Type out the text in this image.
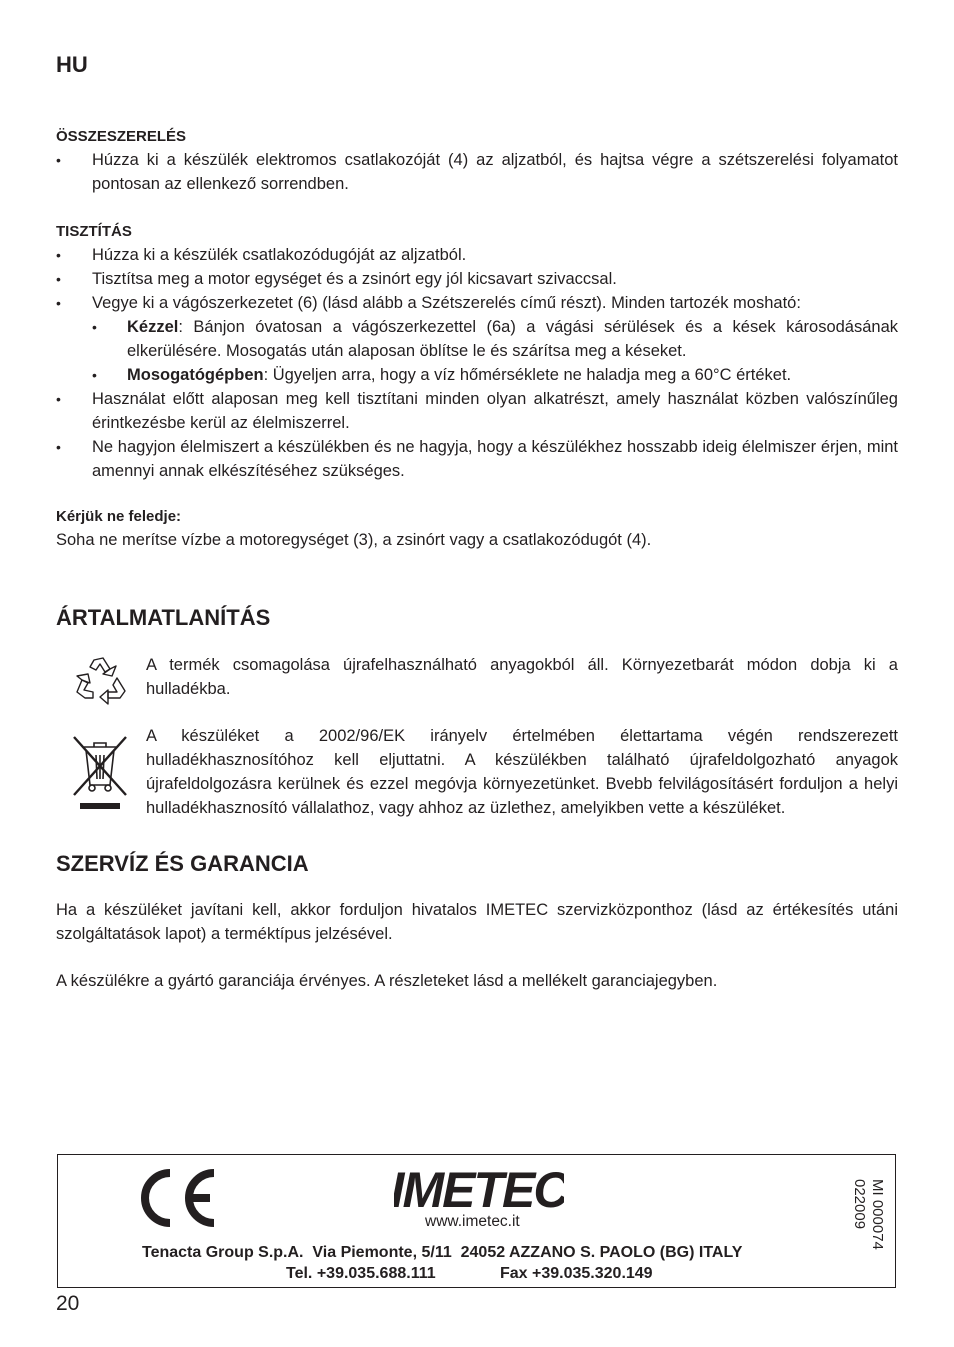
HU
ÖSSZESZERELÉS
• Húzza ki a készülék elektromos csatlakozóját (4) az aljzatból, és hajtsa végre a szétszerelési folyamatot pontosan az ellenkező sorrendben.
TISZTÍTÁS
• Húzza ki a készülék csatlakozódugóját az aljzatból.
• Tisztítsa meg a motor egységet és a zsinórt egy jól kicsavart szivaccsal.
• Vegye ki a vágószerkezetet (6) (lásd alább a Szétszerelés című részt). Minden tartozék mosható:
• Kézzel: Bánjon óvatosan a vágószerkezettel (6a) a vágási sérülések és a kések károsodásának elkerülésére. Mosogatás után alaposan öblítse le és szárítsa meg a késeket.
• Mosogatógépben: Ügyeljen arra, hogy a víz hőmérséklete ne haladja meg a 60°C értéket.
• Használat előtt alaposan meg kell tisztítani minden olyan alkatrészt, amely használat közben valószínűleg érintkezésbe kerül az élelmiszerrel.
• Ne hagyjon élelmiszert a készülékben és ne hagyja, hogy a készülékhez hosszabb ideig élelmiszer érjen, mint amennyi annak elkészítéséhez szükséges.
Kérjük ne feledje:
Soha ne merítse vízbe a motoregységet (3), a zsinórt vagy a csatlakozódugót (4).
ÁRTALMATLANÍTÁS
A termék csomagolása újrafelhasználható anyagokból áll. Környezetbarát módon dobja ki a hulladékba.
A készüléket a 2002/96/EK irányelv értelmében élettartama végén rendszerezett hulladékhasznosítóhoz kell eljuttatni. A készülékben található újrafeldolgozható anyagok újrafeldolgozásra kerülnek és ezzel megóvja környezetünket. Bvebb felvilágosításért forduljon a helyi hulladékhasznosító vállalathoz, vagy ahhoz az üzlethez, amelyikben vette a készüléket.
SZERVÍZ ÉS GARANCIA
Ha a készüléket javítani kell, akkor forduljon hivatalos IMETEC szervizközponthoz (lásd az értékesítés utáni szolgáltatások lapot) a terméktípus jelzésével.
A készülékre a gyártó garanciája érvényes. A részleteket lásd a mellékelt garanciajegyben.
IMETEC
www.imetec.it
Tenacta Group S.p.A.  Via Piemonte, 5/11  24052 AZZANO S. PAOLO (BG) ITALY
Tel. +39.035.688.111	Fax +39.035.320.149
MI 000074
022009
20
